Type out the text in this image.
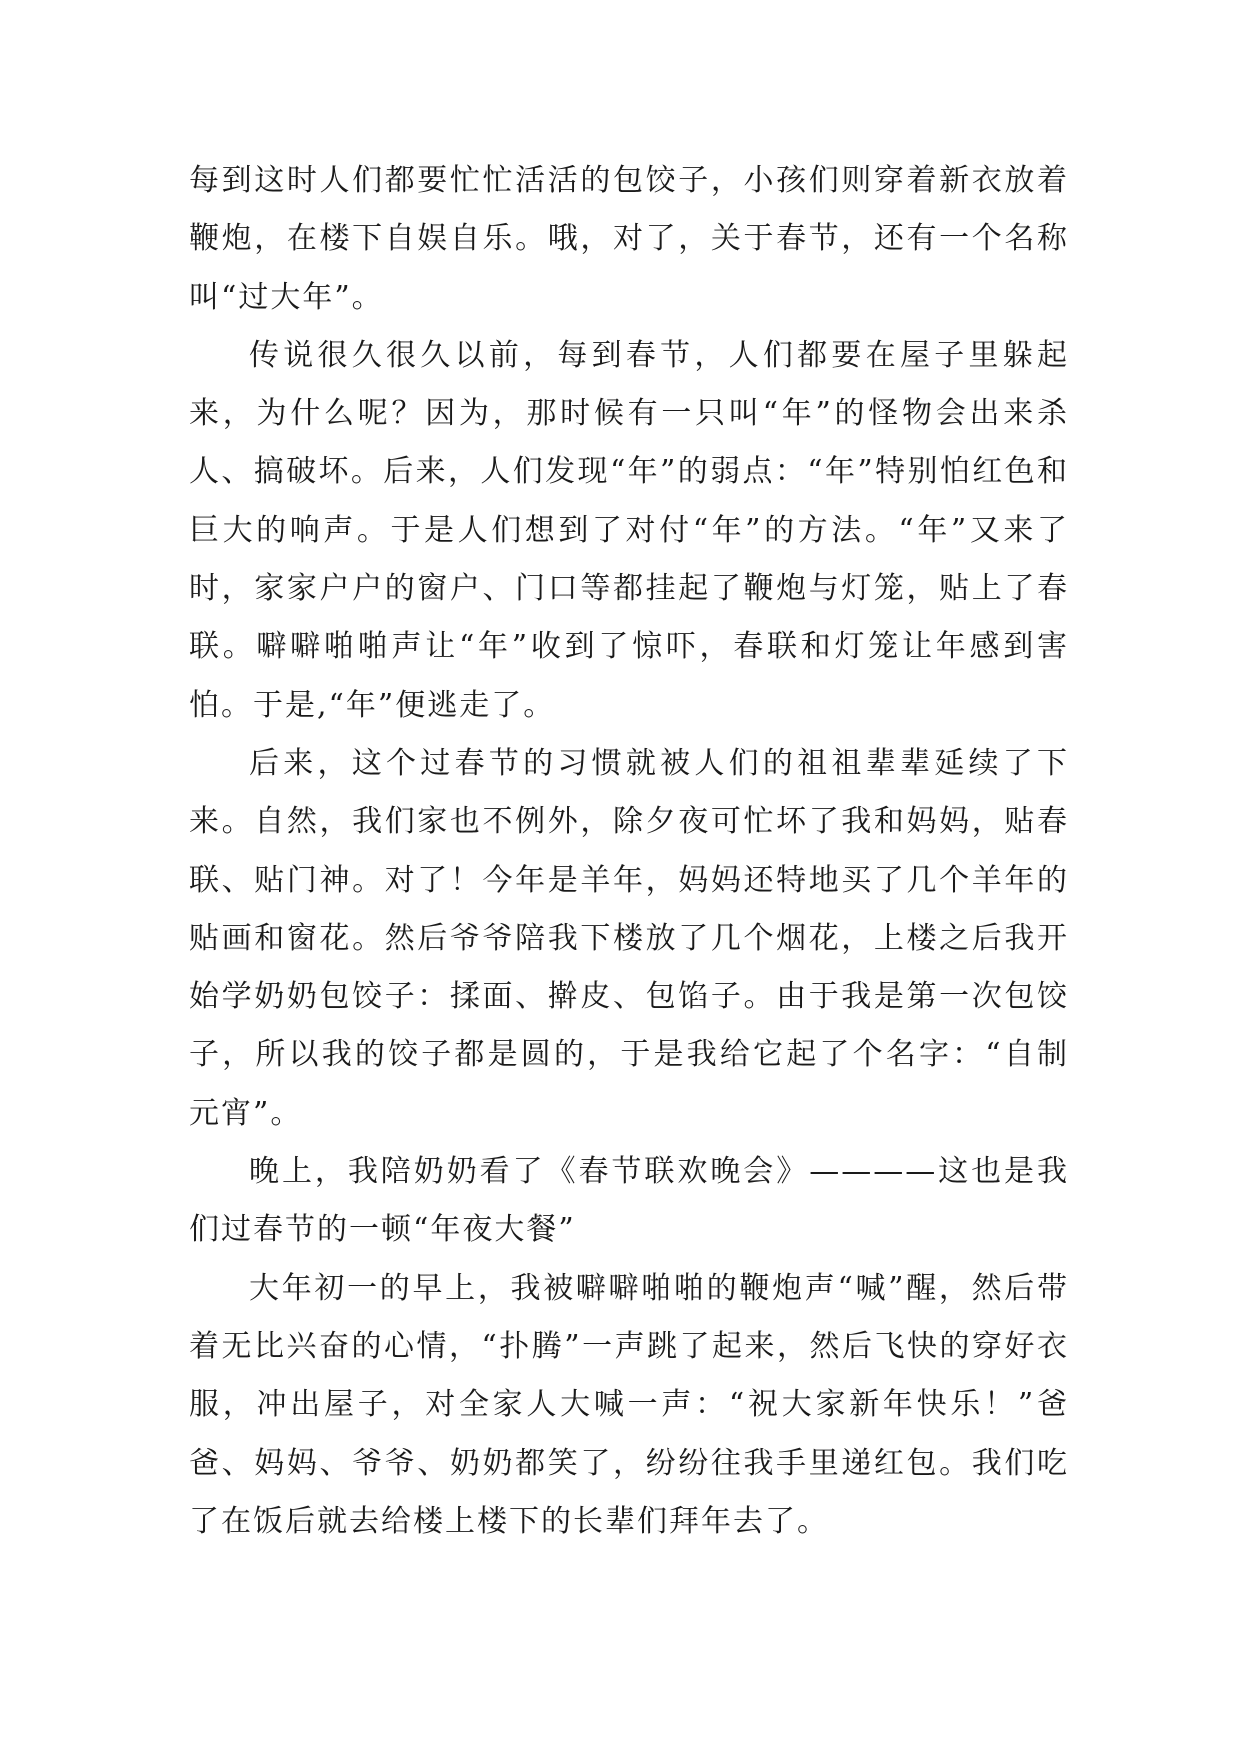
每到这时人们都要忙忙活活的包饺子，小孩们则穿着新衣放着鞭炮，在楼下自娱自乐。哦，对了，关于春节，还有一个名称叫“过大年”。

传说很久很久以前，每到春节，人们都要在屋子里躲起来，为什么呢？因为，那时候有一只叫“年”的怪物会出来杀人、搞破坏。后来，人们发现“年”的弱点：“年”特别怕红色和巨大的响声。于是人们想到了对付“年”的方法。“年”又来了时，家家户户的窗户、门口等都挂起了鞭炮与灯笼，贴上了春联。噼噼啪啪声让“年”收到了惊吓，春联和灯笼让年感到害怕。于是,“年”便逃走了。

后来，这个过春节的习惯就被人们的祖祖辈辈延续了下来。自然，我们家也不例外，除夕夜可忙坏了我和妈妈，贴春联、贴门神。对了！今年是羊年，妈妈还特地买了几个羊年的贴画和窗花。然后爷爷陪我下楼放了几个烟花，上楼之后我开始学奶奶包饺子：揉面、擀皮、包馅子。由于我是第一次包饺子，所以我的饺子都是圆的，于是我给它起了个名字：“自制元宵”。

晚上，我陪奶奶看了《春节联欢晚会》————这也是我们过春节的一顿“年夜大餐”

大年初一的早上，我被噼噼啪啪的鞭炮声“喊”醒，然后带着无比兴奋的心情，“扑腾”一声跳了起来，然后飞快的穿好衣服，冲出屋子，对全家人大喊一声：“祝大家新年快乐！”爸爸、妈妈、爷爷、奶奶都笑了，纷纷往我手里递红包。我们吃了在饭后就去给楼上楼下的长辈们拜年去了。
